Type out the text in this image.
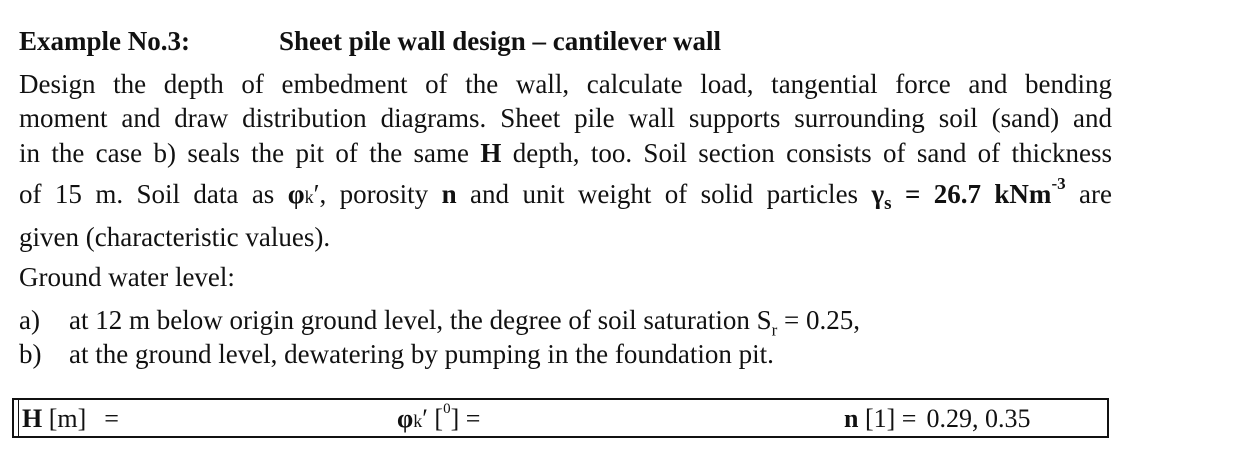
Example No.3:	Sheet pile wall design – cantilever wall
Design the depth of embedment of the wall, calculate load, tangential force and bending
moment and draw distribution diagrams. Sheet pile wall supports surrounding soil (sand) and
in the case b) seals the pit of the same H depth, too. Soil section consists of sand of thickness
of 15 m. Soil data as φk′, porosity n and unit weight of solid particles $\gamma_s = 26.7$ kNm$^{-3}$ are
given (characteristic values).
Ground water level:
a) at 12 m below origin ground level, the degree of soil saturation $S_r = 0.25$,
b) at the ground level, dewatering by pumping in the foundation pit.
H [m] =	φk′ [$^0$] =	n [1] = 0.29, 0.35
